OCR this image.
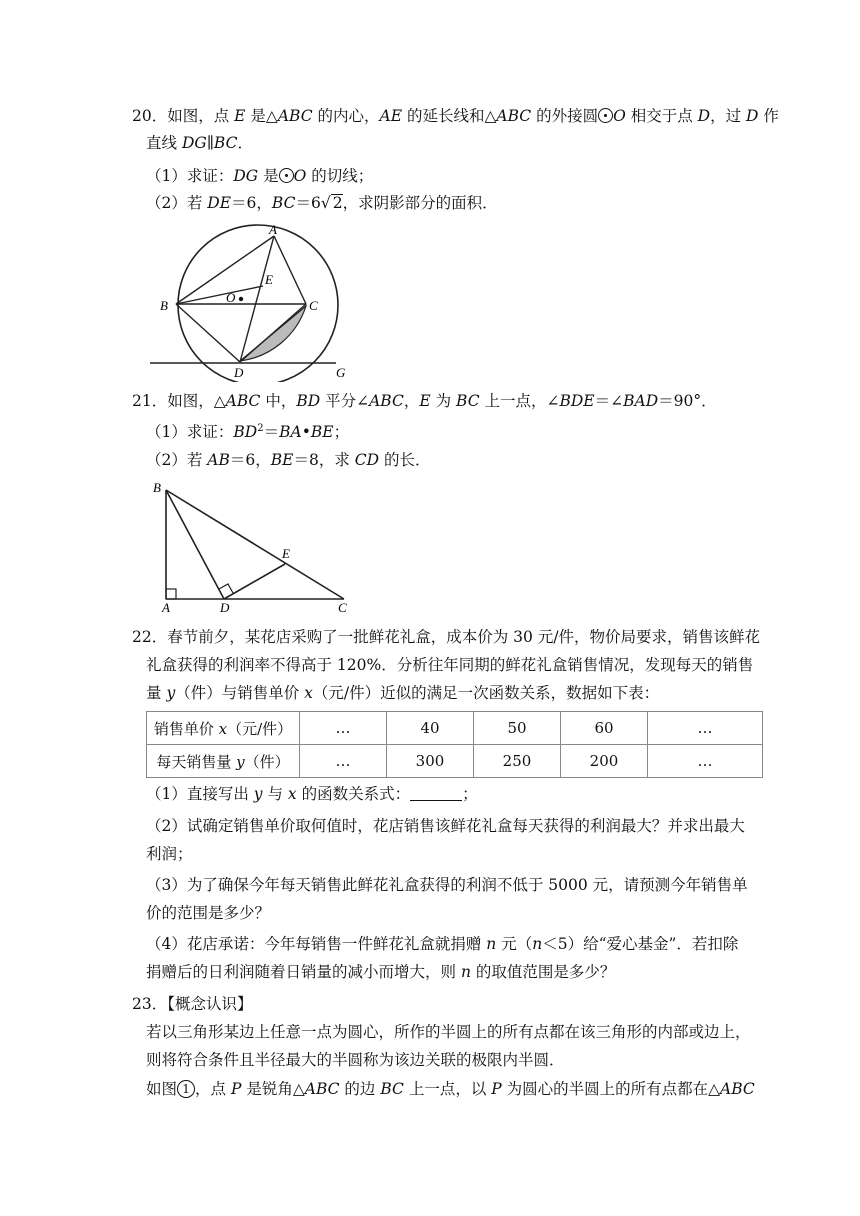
20．如图，点 E 是△ABC 的内心，AE 的延长线和△ABC 的外接圆 O 相交于点 D，过 D 作
直线 DG∥BC．
（1）求证：DG 是 O 的切线；
（2）若 DE＝6，BC＝6√ 2，求阴影部分的面积．
A
B	C
D
E
O
G
21．如图，△ABC 中，BD 平分∠ABC，E 为 BC 上一点，∠BDE＝∠BAD＝90°．
（1）求证：$BD^2=BA•BE$；
（2）若 AB＝6，BE＝8，求 CD 的长．
B
A	D	C
E
22．春节前夕，某花店采购了一批鲜花礼盒，成本价为 30 元/件，物价局要求，销售该鲜花
礼盒获得的利润率不得高于 120%．分析往年同期的鲜花礼盒销售情况，发现每天的销售
量 y（件）与销售单价 x（元/件）近似的满足一次函数关系，数据如下表：
销售单价 x（元/件）	…	40	50	60	…
每天销售量 y（件）	…	300	250	200	…
（1）直接写出 y 与 x 的函数关系式：	；
（2）试确定销售单价取何值时，花店销售该鲜花礼盒每天获得的利润最大？并求出最大
利润；
（3）为了确保今年每天销售此鲜花礼盒获得的利润不低于 5000 元，请预测今年销售单
价的范围是多少？
（4）花店承诺：今年每销售一件鲜花礼盒就捐赠 n 元（n＜5）给“爱心基金”．若扣除
捐赠后的日利润随着日销量的减小而增大，则 n 的取值范围是多少？
23．【概念认识】
若以三角形某边上任意一点为圆心，所作的半圆上的所有点都在该三角形的内部或边上，
则将符合条件且半径最大的半圆称为该边关联的极限内半圆．
如图 1 ，点 P 是锐角△ABC 的边 BC 上一点，以 P 为圆心的半圆上的所有点都在△ABC
